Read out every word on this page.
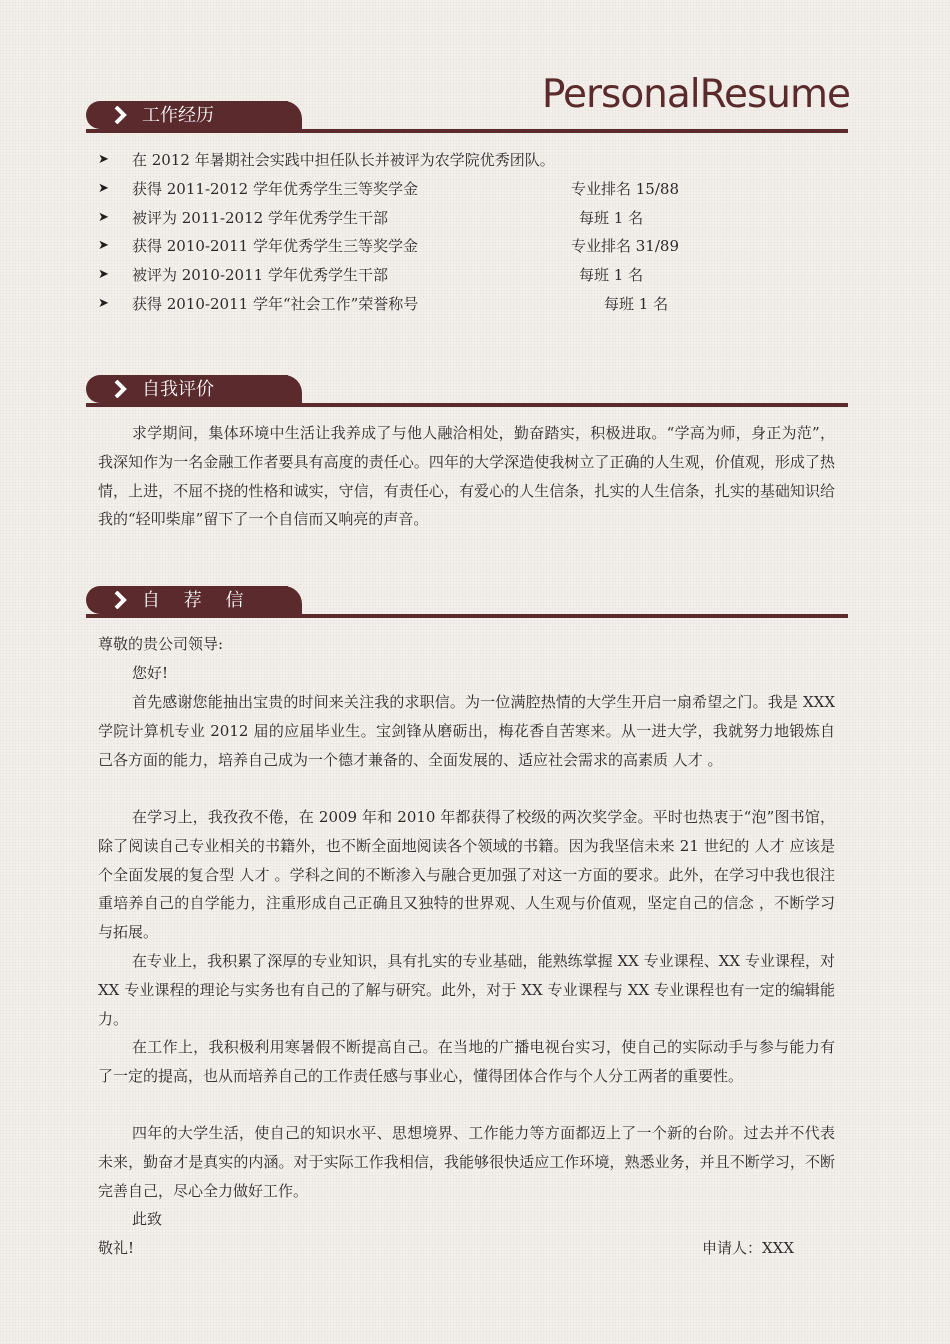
PersonalResume
工作经历
➤ 在 2012 年暑期社会实践中担任队长并被评为农学院优秀团队。
➤ 获得 2011-2012 学年优秀学生三等奖学金	专业排名 15/88
➤ 被评为 2011-2012 学年优秀学生干部	每班 1 名
➤ 获得 2010-2011 学年优秀学生三等奖学金	专业排名 31/89
➤ 被评为 2010-2011 学年优秀学生干部	每班 1 名
➤ 获得 2010-2011 学年“社会工作”荣誉称号	每班 1 名
自我评价

求学期间，集体环境中生活让我养成了与他人融洽相处，勤奋踏实，积极进取。“学高为师，身正为范”，我深知作为一名金融工作者要具有高度的责任心。四年的大学深造使我树立了正确的人生观，价值观，形成了热情，上进，不屈不挠的性格和诚实，守信，有责任心，有爱心的人生信条，扎实的人生信条，扎实的基础知识给我的“轻叩柴扉”留下了一个自信而又响亮的声音。

自 荐 信
尊敬的贵公司领导:
您好!

首先感谢您能抽出宝贵的时间来关注我的求职信。为一位满腔热情的大学生开启一扇希望之门。我是 XXX 学院计算机专业 2012 届的应届毕业生。宝剑锋从磨砺出，梅花香自苦寒来。从一进大学，我就努力地锻炼自己各方面的能力，培养自己成为一个德才兼备的、全面发展的、适应社会需求的高素质 人才 。

在学习上，我孜孜不倦，在 2009 年和 2010 年都获得了校级的两次奖学金。平时也热衷于“泡”图书馆，除了阅读自己专业相关的书籍外，也不断全面地阅读各个领域的书籍。因为我坚信未来 21 世纪的 人才 应该是个全面发展的复合型 人才 。学科之间的不断渗入与融合更加强了对这一方面的要求。此外，在学习中我也很注重培养自己的自学能力，注重形成自己正确且又独特的世界观、人生观与价值观，坚定自己的信念 ，不断学习与拓展。

在专业上，我积累了深厚的专业知识，具有扎实的专业基础，能熟练掌握 XX 专业课程、XX 专业课程，对 XX 专业课程的理论与实务也有自己的了解与研究。此外，对于 XX 专业课程与 XX 专业课程也有一定的编辑能力。

在工作上，我积极利用寒暑假不断提高自己。在当地的广播电视台实习，使自己的实际动手与参与能力有了一定的提高，也从而培养自己的工作责任感与事业心，懂得团体合作与个人分工两者的重要性。

四年的大学生活，使自己的知识水平、思想境界、工作能力等方面都迈上了一个新的台阶。过去并不代表未来，勤奋才是真实的内涵。对于实际工作我相信，我能够很快适应工作环境，熟悉业务，并且不断学习，不断完善自己，尽心全力做好工作。

此致
敬礼!	申请人：XXX
